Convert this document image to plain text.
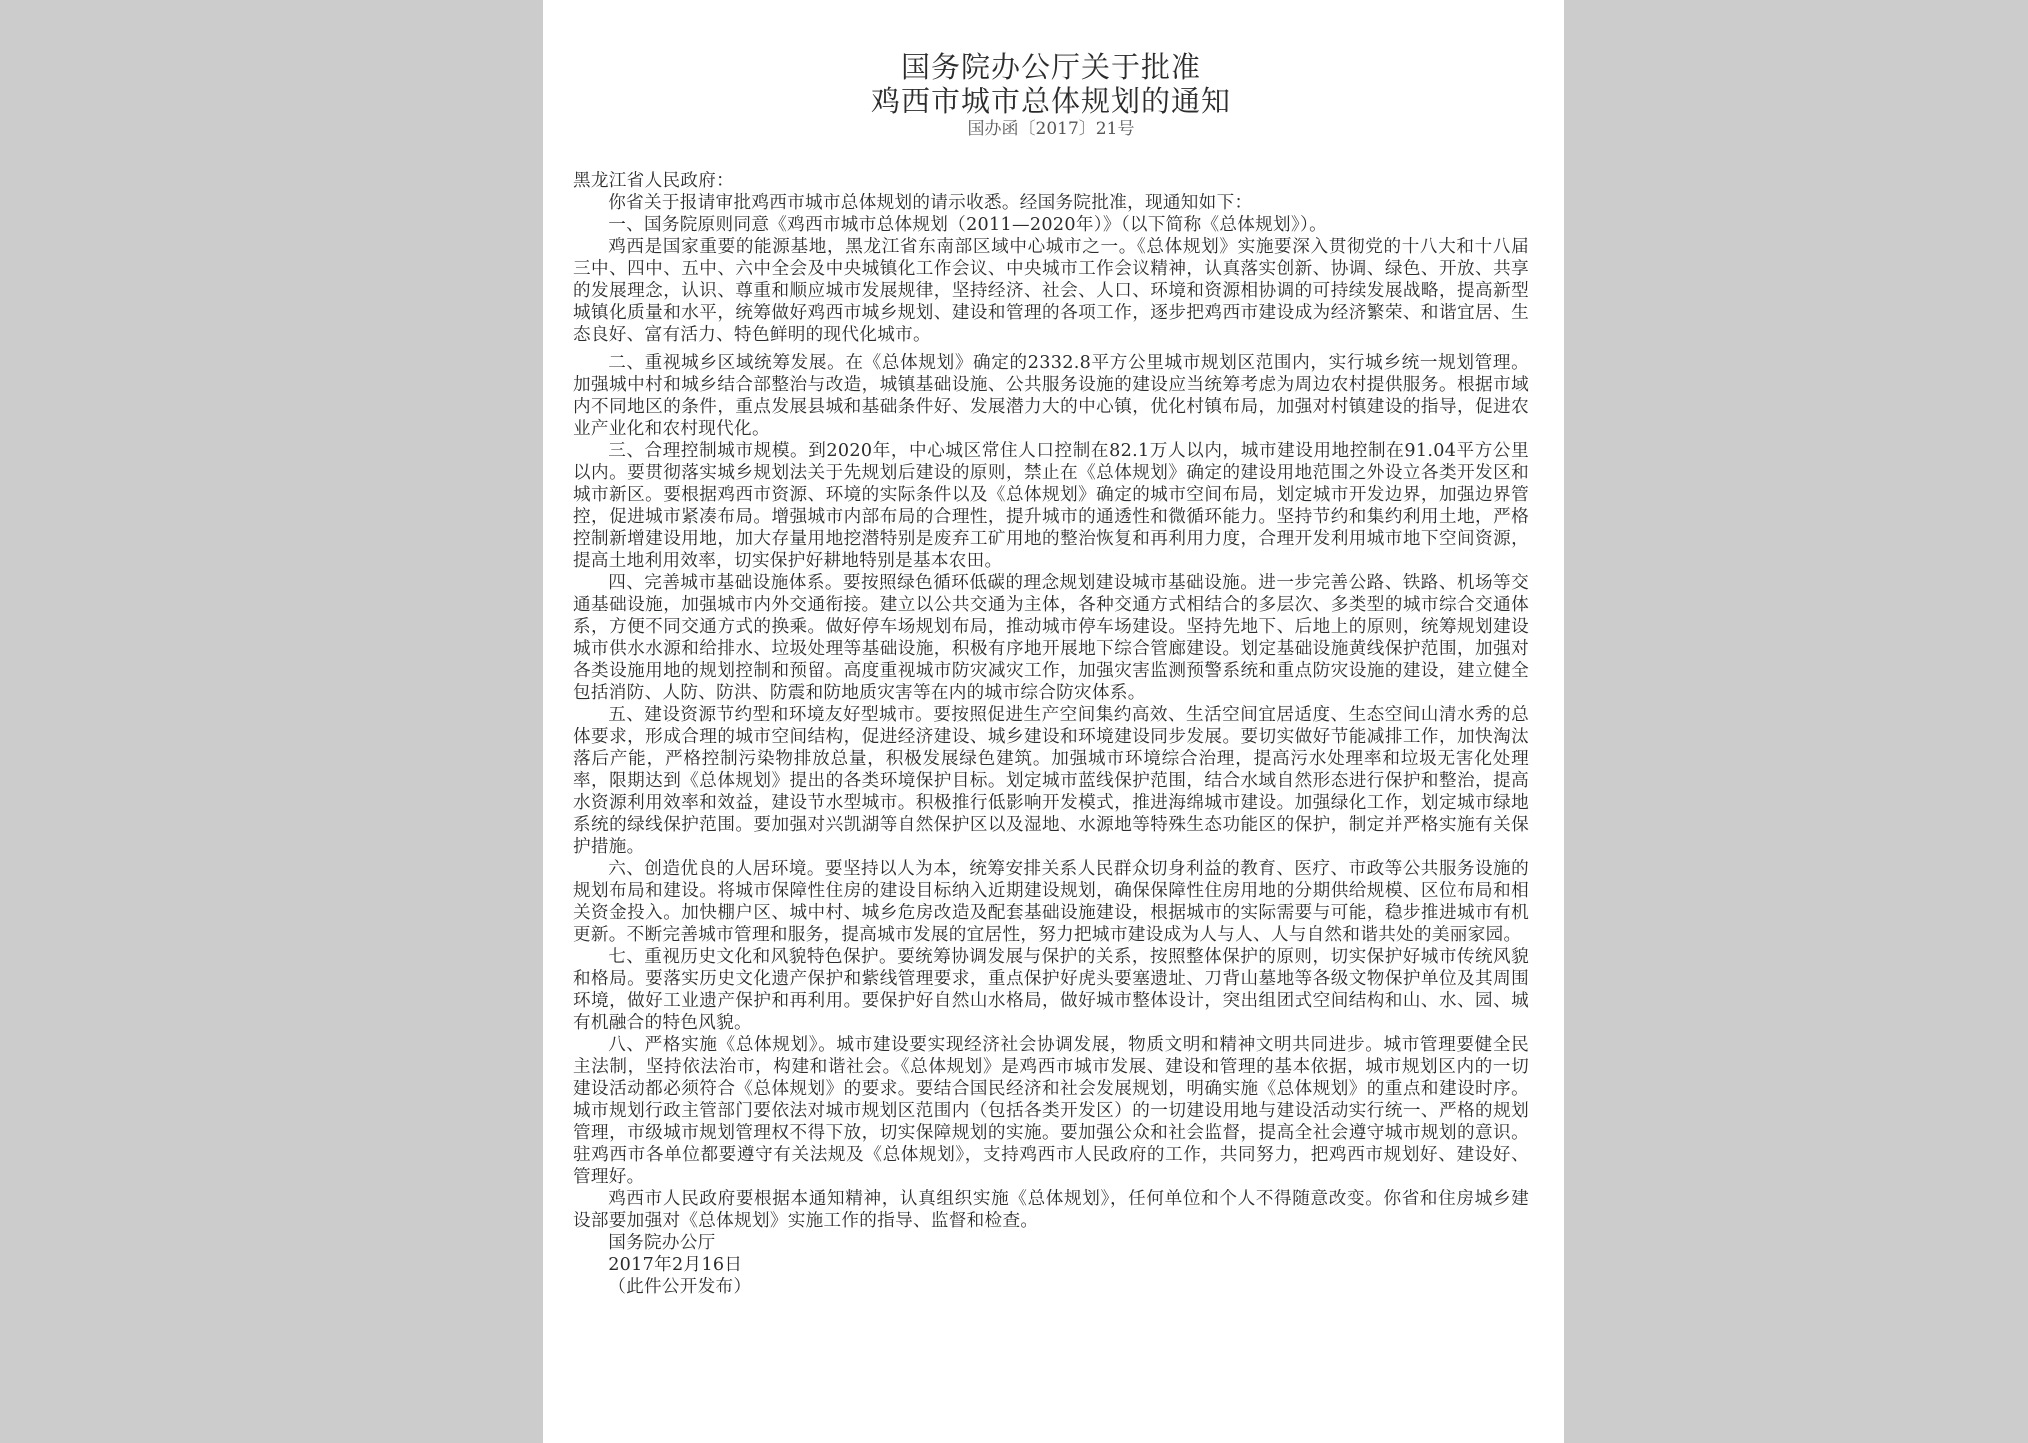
国务院办公厅关于批准
鸡西市城市总体规划的通知
国办函〔2017〕21号

黑龙江省人民政府：

你省关于报请审批鸡西市城市总体规划的请示收悉。经国务院批准，现通知如下：

一、国务院原则同意《鸡西市城市总体规划（2011—2020年）》（以下简称《总体规划》）。

鸡西是国家重要的能源基地，黑龙江省东南部区域中心城市之一。《总体规划》实施要深入贯彻党的十八大和十八届三中、四中、五中、六中全会及中央城镇化工作会议、中央城市工作会议精神，认真落实创新、协调、绿色、开放、共享的发展理念，认识、尊重和顺应城市发展规律，坚持经济、社会、人口、环境和资源相协调的可持续发展战略，提高新型城镇化质量和水平，统筹做好鸡西市城乡规划、建设和管理的各项工作，逐步把鸡西市建设成为经济繁荣、和谐宜居、生态良好、富有活力、特色鲜明的现代化城市。

二、重视城乡区域统筹发展。在《总体规划》确定的2332.8平方公里城市规划区范围内，实行城乡统一规划管理。加强城中村和城乡结合部整治与改造，城镇基础设施、公共服务设施的建设应当统筹考虑为周边农村提供服务。根据市域内不同地区的条件，重点发展县城和基础条件好、发展潜力大的中心镇，优化村镇布局，加强对村镇建设的指导，促进农业产业化和农村现代化。

三、合理控制城市规模。到2020年，中心城区常住人口控制在82.1万人以内，城市建设用地控制在91.04平方公里以内。要贯彻落实城乡规划法关于先规划后建设的原则，禁止在《总体规划》确定的建设用地范围之外设立各类开发区和城市新区。要根据鸡西市资源、环境的实际条件以及《总体规划》确定的城市空间布局，划定城市开发边界，加强边界管控，促进城市紧凑布局。增强城市内部布局的合理性，提升城市的通透性和微循环能力。坚持节约和集约利用土地，严格控制新增建设用地，加大存量用地挖潜特别是废弃工矿用地的整治恢复和再利用力度，合理开发利用城市地下空间资源，提高土地利用效率，切实保护好耕地特别是基本农田。

四、完善城市基础设施体系。要按照绿色循环低碳的理念规划建设城市基础设施。进一步完善公路、铁路、机场等交通基础设施，加强城市内外交通衔接。建立以公共交通为主体，各种交通方式相结合的多层次、多类型的城市综合交通体系，方便不同交通方式的换乘。做好停车场规划布局，推动城市停车场建设。坚持先地下、后地上的原则，统筹规划建设城市供水水源和给排水、垃圾处理等基础设施，积极有序地开展地下综合管廊建设。划定基础设施黄线保护范围，加强对各类设施用地的规划控制和预留。高度重视城市防灾减灾工作，加强灾害监测预警系统和重点防灾设施的建设，建立健全包括消防、人防、防洪、防震和防地质灾害等在内的城市综合防灾体系。

五、建设资源节约型和环境友好型城市。要按照促进生产空间集约高效、生活空间宜居适度、生态空间山清水秀的总体要求，形成合理的城市空间结构，促进经济建设、城乡建设和环境建设同步发展。要切实做好节能减排工作，加快淘汰落后产能，严格控制污染物排放总量，积极发展绿色建筑。加强城市环境综合治理，提高污水处理率和垃圾无害化处理率，限期达到《总体规划》提出的各类环境保护目标。划定城市蓝线保护范围，结合水域自然形态进行保护和整治，提高水资源利用效率和效益，建设节水型城市。积极推行低影响开发模式，推进海绵城市建设。加强绿化工作，划定城市绿地系统的绿线保护范围。要加强对兴凯湖等自然保护区以及湿地、水源地等特殊生态功能区的保护，制定并严格实施有关保护措施。

六、创造优良的人居环境。要坚持以人为本，统筹安排关系人民群众切身利益的教育、医疗、市政等公共服务设施的规划布局和建设。将城市保障性住房的建设目标纳入近期建设规划，确保保障性住房用地的分期供给规模、区位布局和相关资金投入。加快棚户区、城中村、城乡危房改造及配套基础设施建设，根据城市的实际需要与可能，稳步推进城市有机更新。不断完善城市管理和服务，提高城市发展的宜居性，努力把城市建设成为人与人、人与自然和谐共处的美丽家园。

七、重视历史文化和风貌特色保护。要统筹协调发展与保护的关系，按照整体保护的原则，切实保护好城市传统风貌和格局。要落实历史文化遗产保护和紫线管理要求，重点保护好虎头要塞遗址、刀背山墓地等各级文物保护单位及其周围环境，做好工业遗产保护和再利用。要保护好自然山水格局，做好城市整体设计，突出组团式空间结构和山、水、园、城有机融合的特色风貌。

八、严格实施《总体规划》。城市建设要实现经济社会协调发展，物质文明和精神文明共同进步。城市管理要健全民主法制，坚持依法治市，构建和谐社会。《总体规划》是鸡西市城市发展、建设和管理的基本依据，城市规划区内的一切建设活动都必须符合《总体规划》的要求。要结合国民经济和社会发展规划，明确实施《总体规划》的重点和建设时序。城市规划行政主管部门要依法对城市规划区范围内（包括各类开发区）的一切建设用地与建设活动实行统一、严格的规划管理，市级城市规划管理权不得下放，切实保障规划的实施。要加强公众和社会监督，提高全社会遵守城市规划的意识。驻鸡西市各单位都要遵守有关法规及《总体规划》，支持鸡西市人民政府的工作，共同努力，把鸡西市规划好、建设好、管理好。

鸡西市人民政府要根据本通知精神，认真组织实施《总体规划》，任何单位和个人不得随意改变。你省和住房城乡建设部要加强对《总体规划》实施工作的指导、监督和检查。

国务院办公厅

2017年2月16日

（此件公开发布）
